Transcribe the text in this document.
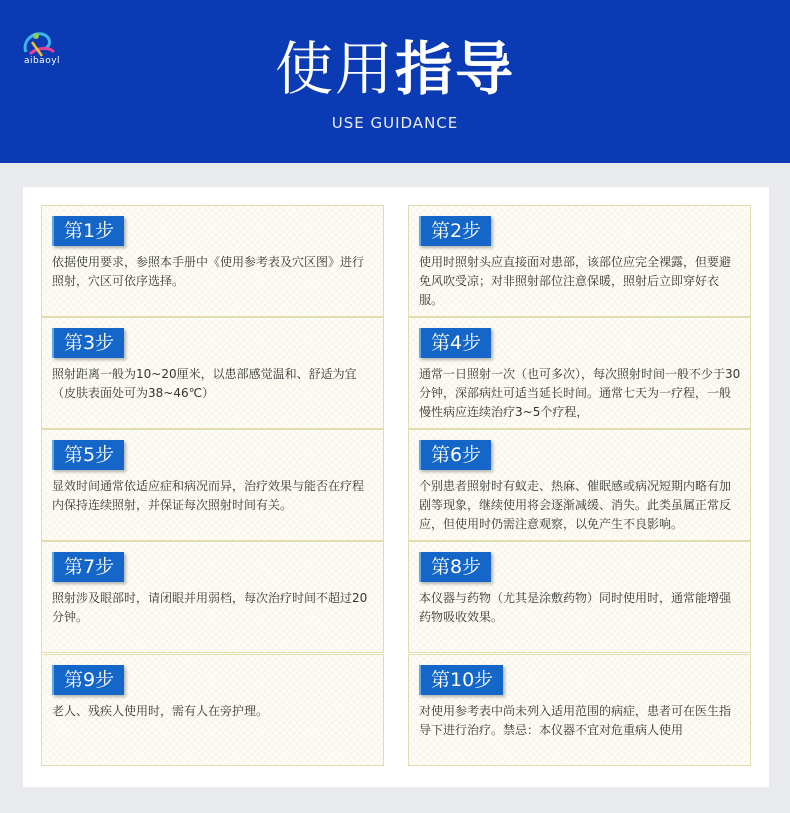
aibaoyl	使用指导
USE GUIDANCE
第1步
依据使用要求，参照本手册中《使用参考表及穴区图》进行照射，穴区可依序选择。
第2步
使用时照射头应直接面对患部，该部位应完全裸露，但要避免风吹受凉；对非照射部位注意保暖，照射后立即穿好衣服。
第3步
照射距离一般为10~20厘米，以患部感觉温和、舒适为宜（皮肤表面处可为38~46℃）
第4步
通常一日照射一次（也可多次），每次照射时间一般不少于30分钟，深部病灶可适当延长时间。通常七天为一疗程，一般慢性病应连续治疗3~5个疗程，
第5步
显效时间通常依适应症和病况而异，治疗效果与能否在疗程内保持连续照射，并保证每次照射时间有关。
第6步
个别患者照射时有蚁走、热麻、催眠感或病况短期内略有加剧等现象，继续使用将会逐渐减缓、消失。此类虽属正常反应，但使用时仍需注意观察，以免产生不良影响。
第7步
照射涉及眼部时，请闭眼并用弱档，每次治疗时间不超过20分钟。
第8步
本仪器与药物（尤其是涂敷药物）同时使用时，通常能增强药物吸收效果。
第9步
老人、残疾人使用时，需有人在旁护理。
第10步
对使用参考表中尚未列入适用范围的病症，患者可在医生指导下进行治疗。禁忌：本仪器不宜对危重病人使用
